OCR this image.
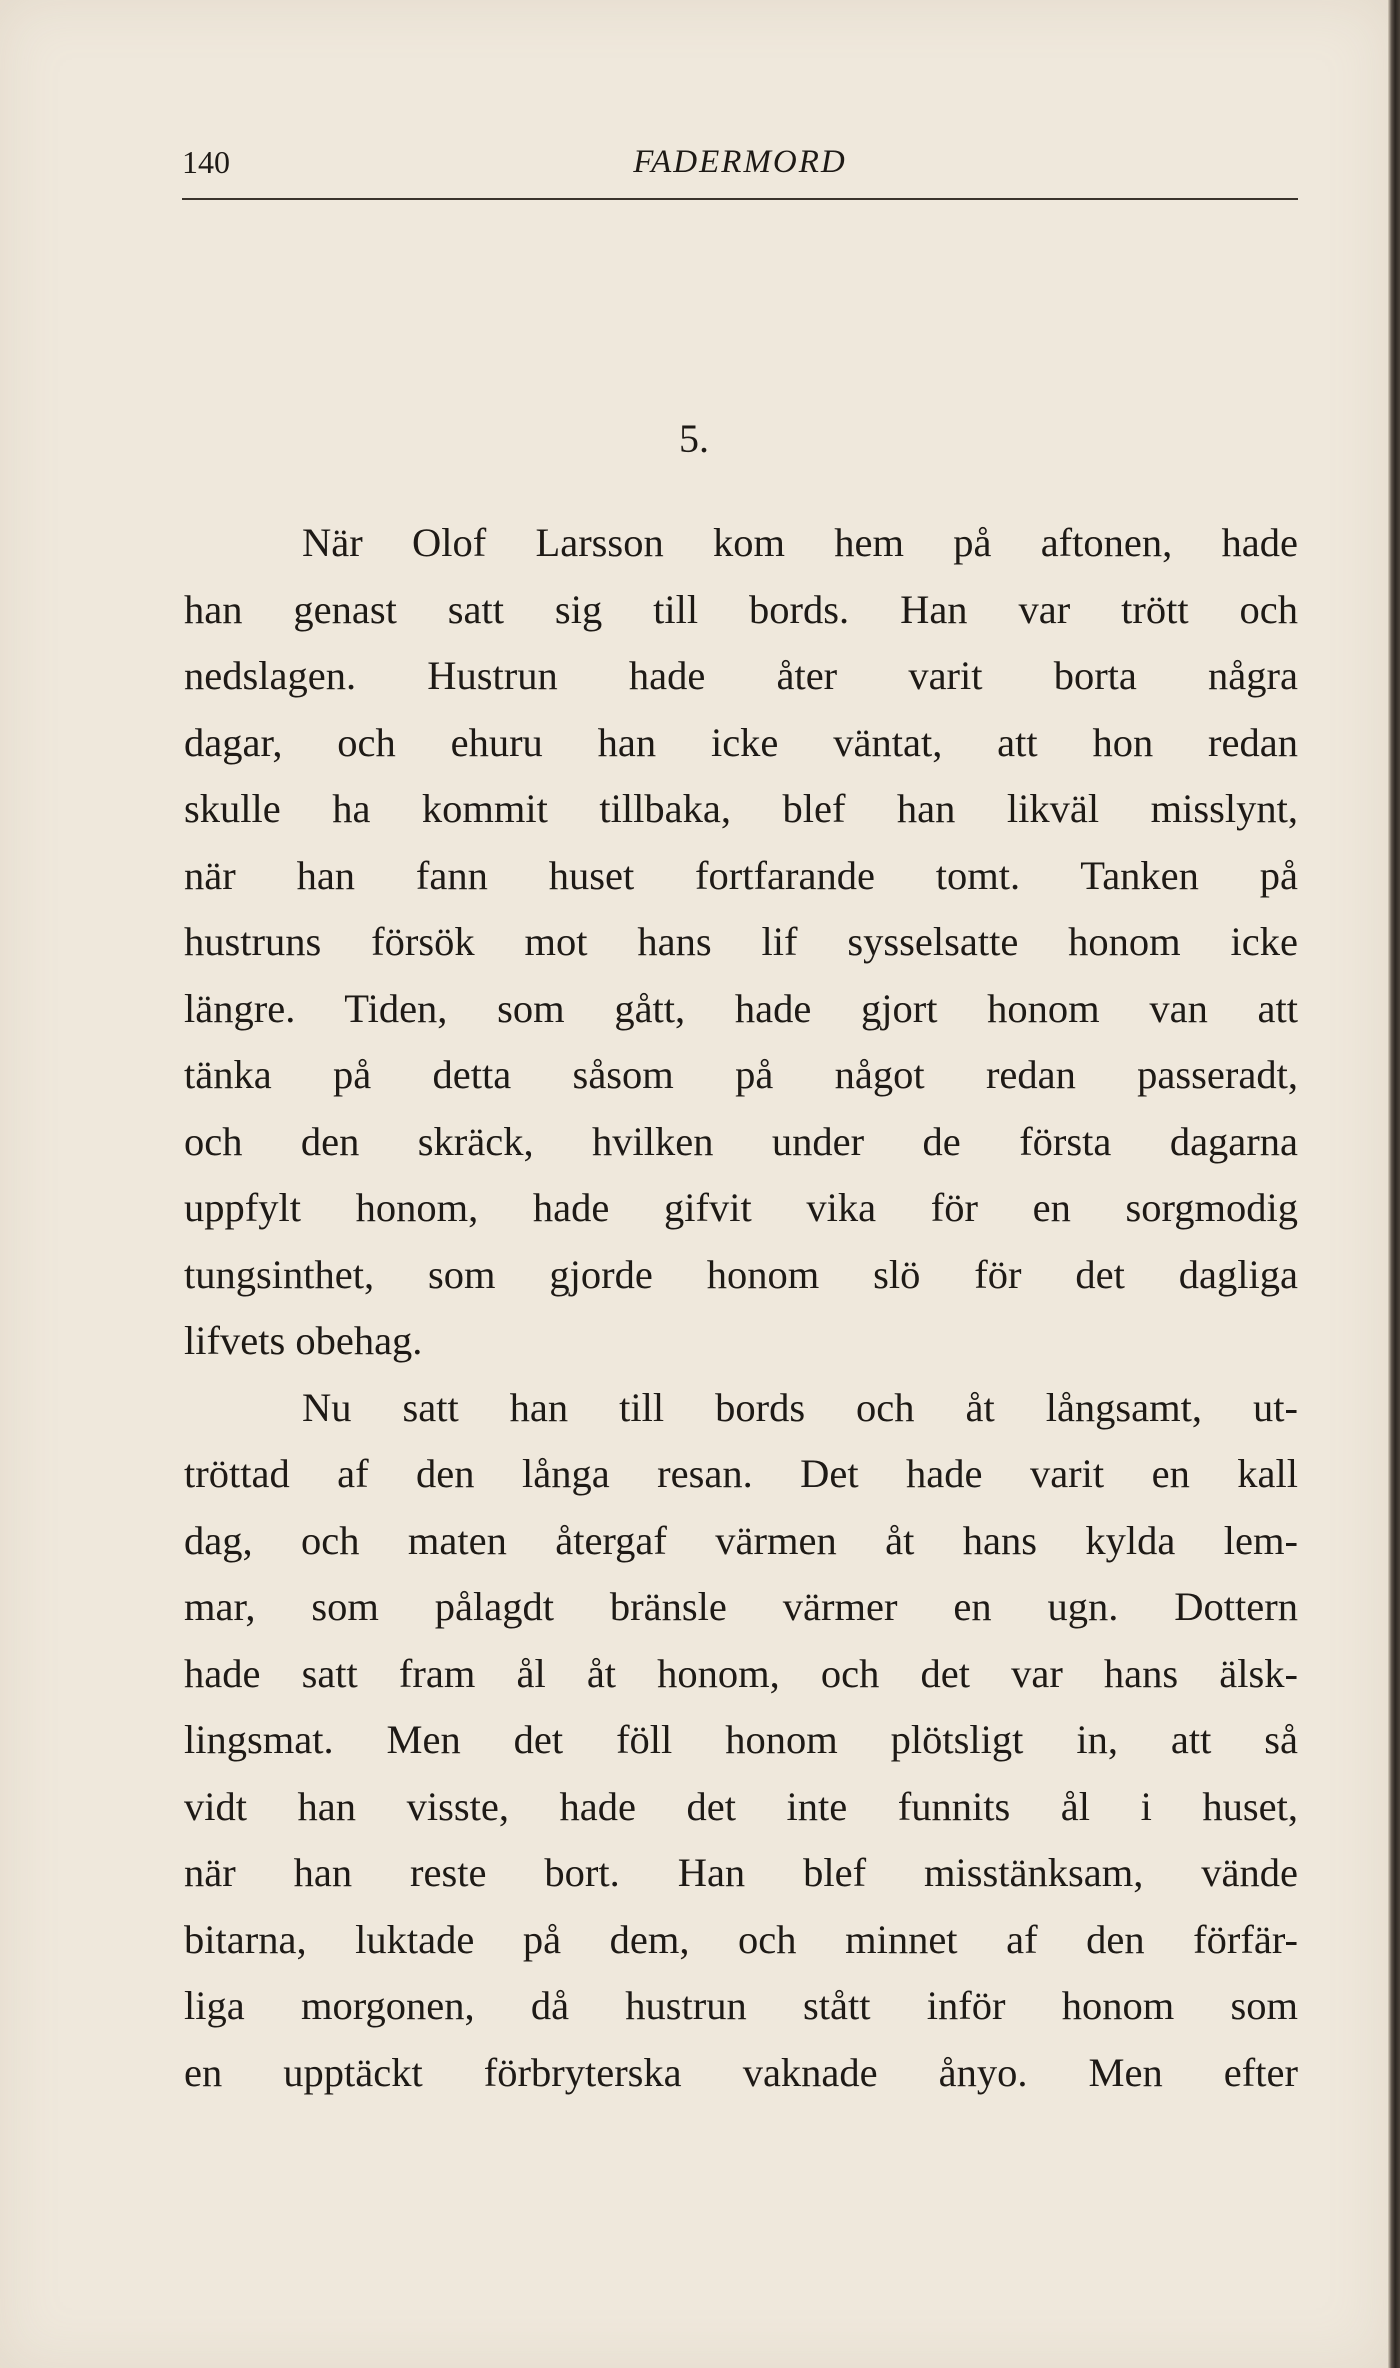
140	FADERMORD
5.
När Olof Larsson kom hem på aftonen, hade
han genast satt sig till bords. Han var trött och
nedslagen. Hustrun hade åter varit borta några
dagar, och ehuru han icke väntat, att hon redan
skulle ha kommit tillbaka, blef han likväl misslynt,
när han fann huset fortfarande tomt. Tanken på
hustruns försök mot hans lif sysselsatte honom icke
längre. Tiden, som gått, hade gjort honom van att
tänka på detta såsom på något redan passeradt,
och den skräck, hvilken under de första dagarna
uppfylt honom, hade gifvit vika för en sorgmodig
tungsinthet, som gjorde honom slö för det dagliga
lifvets obehag.
Nu satt han till bords och åt långsamt, ut-
tröttad af den långa resan. Det hade varit en kall
dag, och maten återgaf värmen åt hans kylda lem-
mar, som pålagdt bränsle värmer en ugn. Dottern
hade satt fram ål åt honom, och det var hans älsk-
lingsmat. Men det föll honom plötsligt in, att så
vidt han visste, hade det inte funnits ål i huset,
när han reste bort. Han blef misstänksam, vände
bitarna, luktade på dem, och minnet af den förfär-
liga morgonen, då hustrun stått inför honom som
en upptäckt förbryterska vaknade ånyo. Men efter
